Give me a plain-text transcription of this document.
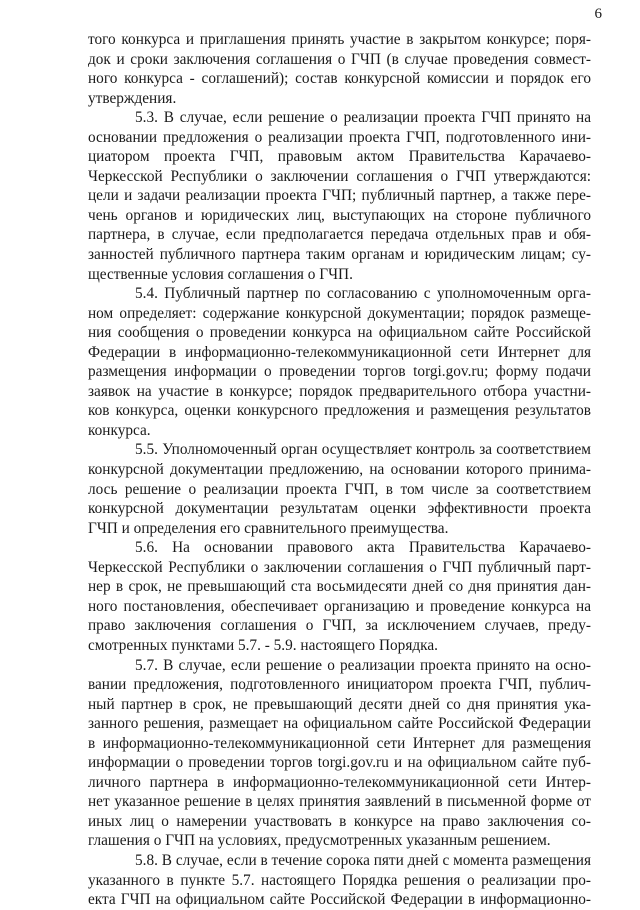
6
того конкурса и приглашения принять участие в закрытом конкурсе; поря-
док и сроки заключения соглашения о ГЧП (в случае проведения совмест-
ного конкурса - соглашений); состав конкурсной комиссии и порядок его
утверждения.
5.3. В случае, если решение о реализации проекта ГЧП принято на
основании предложения о реализации проекта ГЧП, подготовленного ини-
циатором проекта ГЧП, правовым актом Правительства Карачаево-
Черкесской Республики о заключении соглашения о ГЧП утверждаются:
цели и задачи реализации проекта ГЧП; публичный партнер, а также пере-
чень органов и юридических лиц, выступающих на стороне публичного
партнера, в случае, если предполагается передача отдельных прав и обя-
занностей публичного партнера таким органам и юридическим лицам; су-
щественные условия соглашения о ГЧП.
5.4. Публичный партнер по согласованию с уполномоченным орга-
ном определяет: содержание конкурсной документации; порядок размеще-
ния сообщения о проведении конкурса на официальном сайте Российской
Федерации в информационно-телекоммуникационной сети Интернет для
размещения информации о проведении торгов torgi.gov.ru; форму подачи
заявок на участие в конкурсе; порядок предварительного отбора участни-
ков конкурса, оценки конкурсного предложения и размещения результатов
конкурса.
5.5. Уполномоченный орган осуществляет контроль за соответствием
конкурсной документации предложению, на основании которого принима-
лось решение о реализации проекта ГЧП, в том числе за соответствием
конкурсной документации результатам оценки эффективности проекта
ГЧП и определения его сравнительного преимущества.
5.6. На основании правового акта Правительства Карачаево-
Черкесской Республики о заключении соглашения о ГЧП публичный парт-
нер в срок, не превышающий ста восьмидесяти дней со дня принятия дан-
ного постановления, обеспечивает организацию и проведение конкурса на
право заключения соглашения о ГЧП, за исключением случаев, преду-
смотренных пунктами 5.7. - 5.9. настоящего Порядка.
5.7. В случае, если решение о реализации проекта принято на осно-
вании предложения, подготовленного инициатором проекта ГЧП, публич-
ный партнер в срок, не превышающий десяти дней со дня принятия ука-
занного решения, размещает на официальном сайте Российской Федерации
в информационно-телекоммуникационной сети Интернет для размещения
информации о проведении торгов torgi.gov.ru и на официальном сайте пуб-
личного партнера в информационно-телекоммуникационной сети Интер-
нет указанное решение в целях принятия заявлений в письменной форме от
иных лиц о намерении участвовать в конкурсе на право заключения со-
глашения о ГЧП на условиях, предусмотренных указанным решением.
5.8. В случае, если в течение сорока пяти дней с момента размещения
указанного в пункте 5.7. настоящего Порядка решения о реализации про-
екта ГЧП на официальном сайте Российской Федерации в информационно-
